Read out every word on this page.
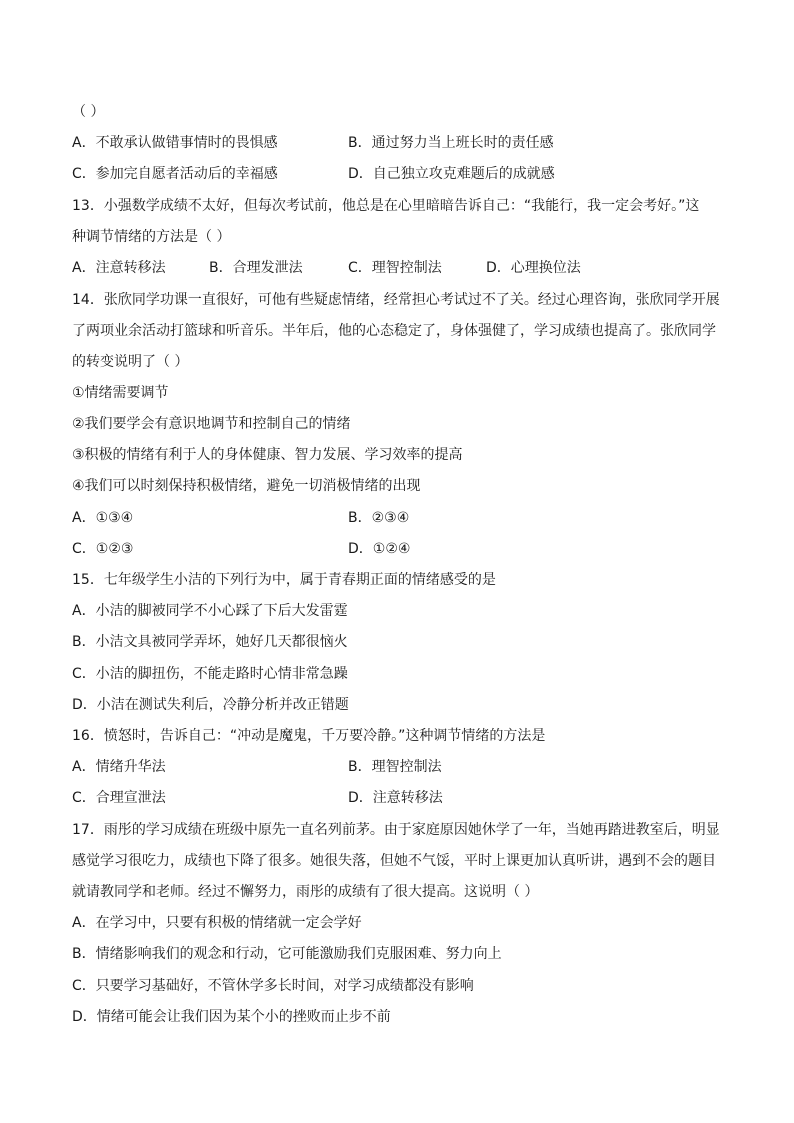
（ ）
A．不敢承认做错事情时的畏惧感	B．通过努力当上班长时的责任感
C．参加完自愿者活动后的幸福感	D．自己独立攻克难题后的成就感
13．小强数学成绩不太好，但每次考试前，他总是在心里暗暗告诉自己：“我能行，我一定会考好。”这
种调节情绪的方法是（ ）
A．注意转移法	B．合理发泄法	C．理智控制法	D．心理换位法
14．张欣同学功课一直很好，可他有些疑虑情绪，经常担心考试过不了关。经过心理咨询，张欣同学开展
了两项业余活动打篮球和听音乐。半年后，他的心态稳定了，身体强健了，学习成绩也提高了。张欣同学
的转变说明了（ ）
①情绪需要调节
②我们要学会有意识地调节和控制自己的情绪
③积极的情绪有利于人的身体健康、智力发展、学习效率的提高
④我们可以时刻保持积极情绪，避免一切消极情绪的出现
A．①③④	B．②③④
C．①②③	D．①②④
15．七年级学生小洁的下列行为中，属于青春期正面的情绪感受的是
A．小洁的脚被同学不小心踩了下后大发雷霆
B．小洁文具被同学弄坏，她好几天都很恼火
C．小洁的脚扭伤，不能走路时心情非常急躁
D．小洁在测试失利后，冷静分析并改正错题
16．愤怒时，告诉自己：“冲动是魔鬼，千万要冷静。”这种调节情绪的方法是
A．情绪升华法	B．理智控制法
C．合理宣泄法	D．注意转移法
17．雨彤的学习成绩在班级中原先一直名列前茅。由于家庭原因她休学了一年，当她再踏进教室后，明显
感觉学习很吃力，成绩也下降了很多。她很失落，但她不气馁，平时上课更加认真听讲，遇到不会的题目
就请教同学和老师。经过不懈努力，雨彤的成绩有了很大提高。这说明（ ）
A．在学习中，只要有积极的情绪就一定会学好
B．情绪影响我们的观念和行动，它可能激励我们克服困难、努力向上
C．只要学习基础好，不管休学多长时间，对学习成绩都没有影响
D．情绪可能会让我们因为某个小的挫败而止步不前
